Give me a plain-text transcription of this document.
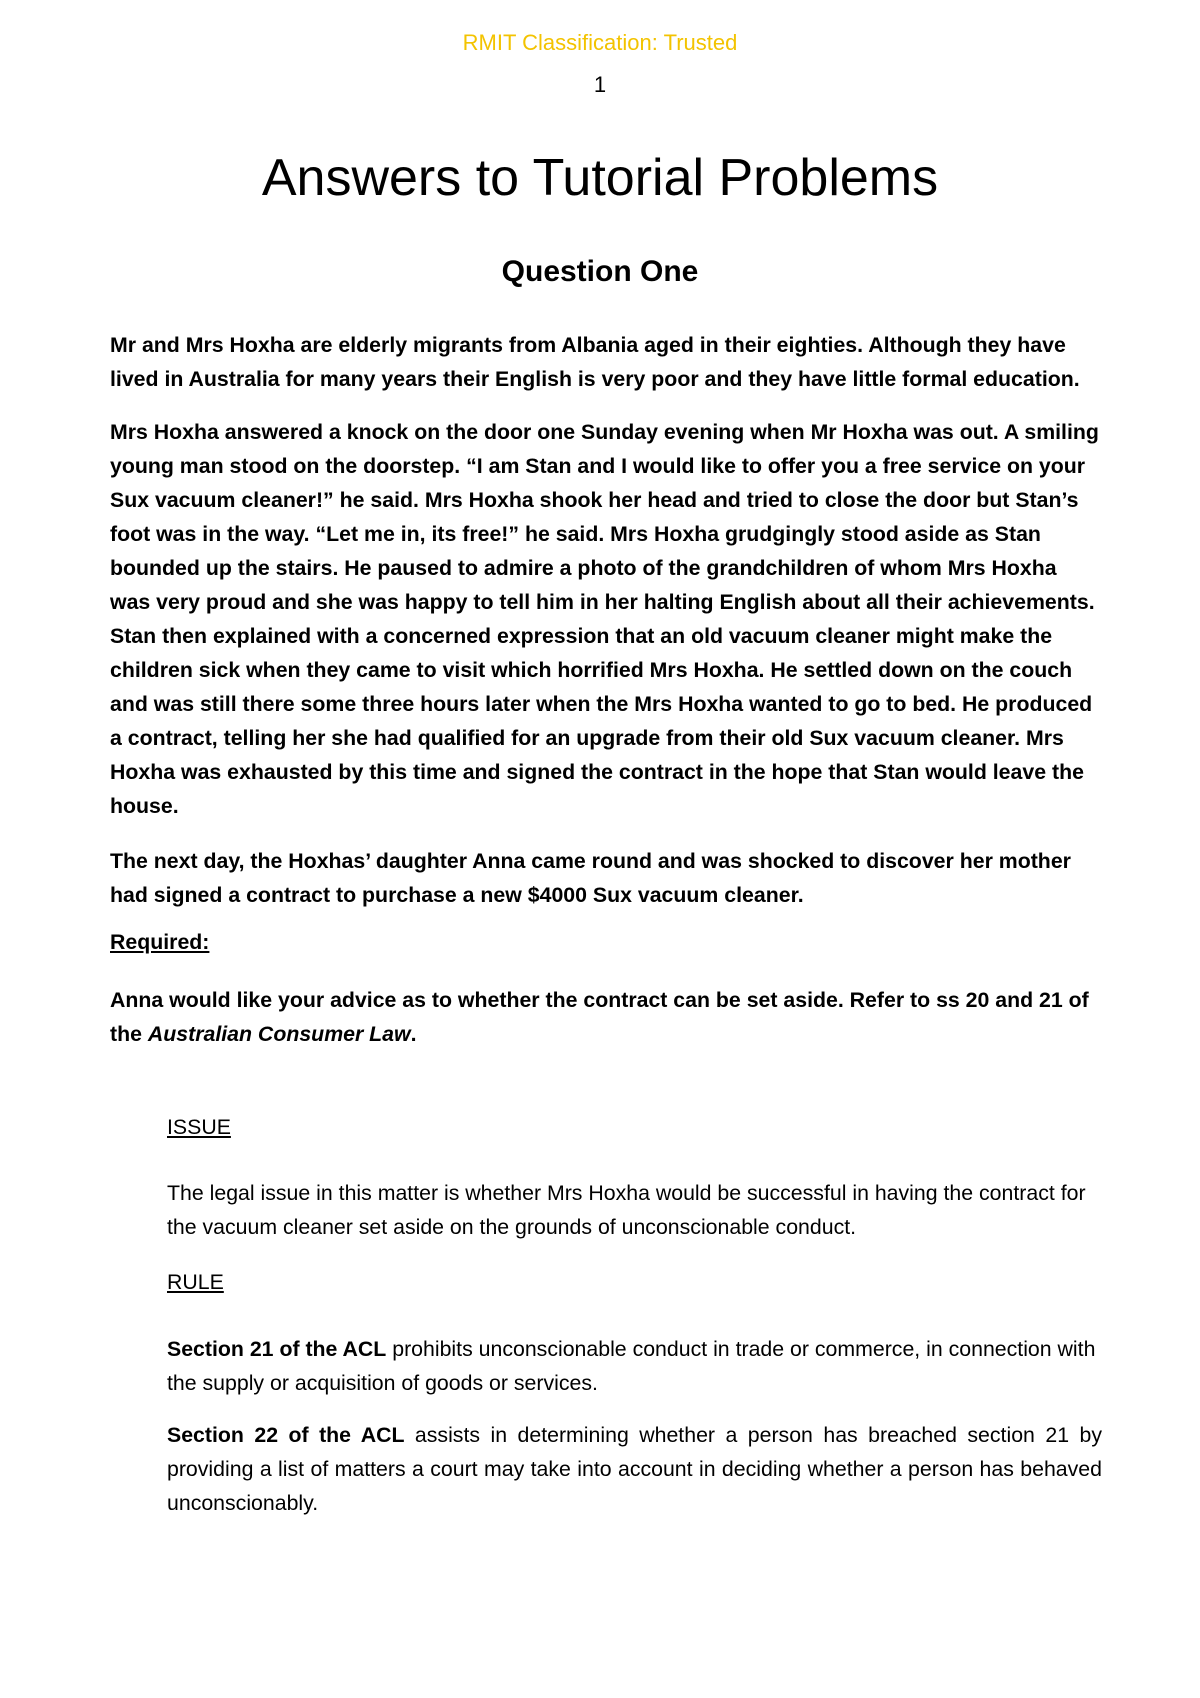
RMIT Classification: Trusted
1
Answers to Tutorial Problems
Question One

Mr and Mrs Hoxha are elderly migrants from Albania aged in their eighties. Although they have lived in Australia for many years their English is very poor and they have little formal education.

Mrs Hoxha answered a knock on the door one Sunday evening when Mr Hoxha was out. A smiling young man stood on the doorstep. “I am Stan and I would like to offer you a free service on your Sux vacuum cleaner!” he said. Mrs Hoxha shook her head and tried to close the door but Stan’s foot was in the way. “Let me in, its free!” he said. Mrs Hoxha grudgingly stood aside as Stan bounded up the stairs. He paused to admire a photo of the grandchildren of whom Mrs Hoxha was very proud and she was happy to tell him in her halting English about all their achievements. Stan then explained with a concerned expression that an old vacuum cleaner might make the children sick when they came to visit which horrified Mrs Hoxha. He settled down on the couch and was still there some three hours later when the Mrs Hoxha wanted to go to bed. He produced a contract, telling her she had qualified for an upgrade from their old Sux vacuum cleaner. Mrs Hoxha was exhausted by this time and signed the contract in the hope that Stan would leave the house.

The next day, the Hoxhas’ daughter Anna came round and was shocked to discover her mother had signed a contract to purchase a new $4000 Sux vacuum cleaner.

Required:

Anna would like your advice as to whether the contract can be set aside. Refer to ss 20 and 21 of the Australian Consumer Law.

ISSUE

The legal issue in this matter is whether Mrs Hoxha would be successful in having the contract for the vacuum cleaner set aside on the grounds of unconscionable conduct.

RULE

Section 21 of the ACL prohibits unconscionable conduct in trade or commerce, in connection with the supply or acquisition of goods or services.

Section 22 of the ACL assists in determining whether a person has breached section 21 by providing a list of matters a court may take into account in deciding whether a person has behaved unconscionably.
